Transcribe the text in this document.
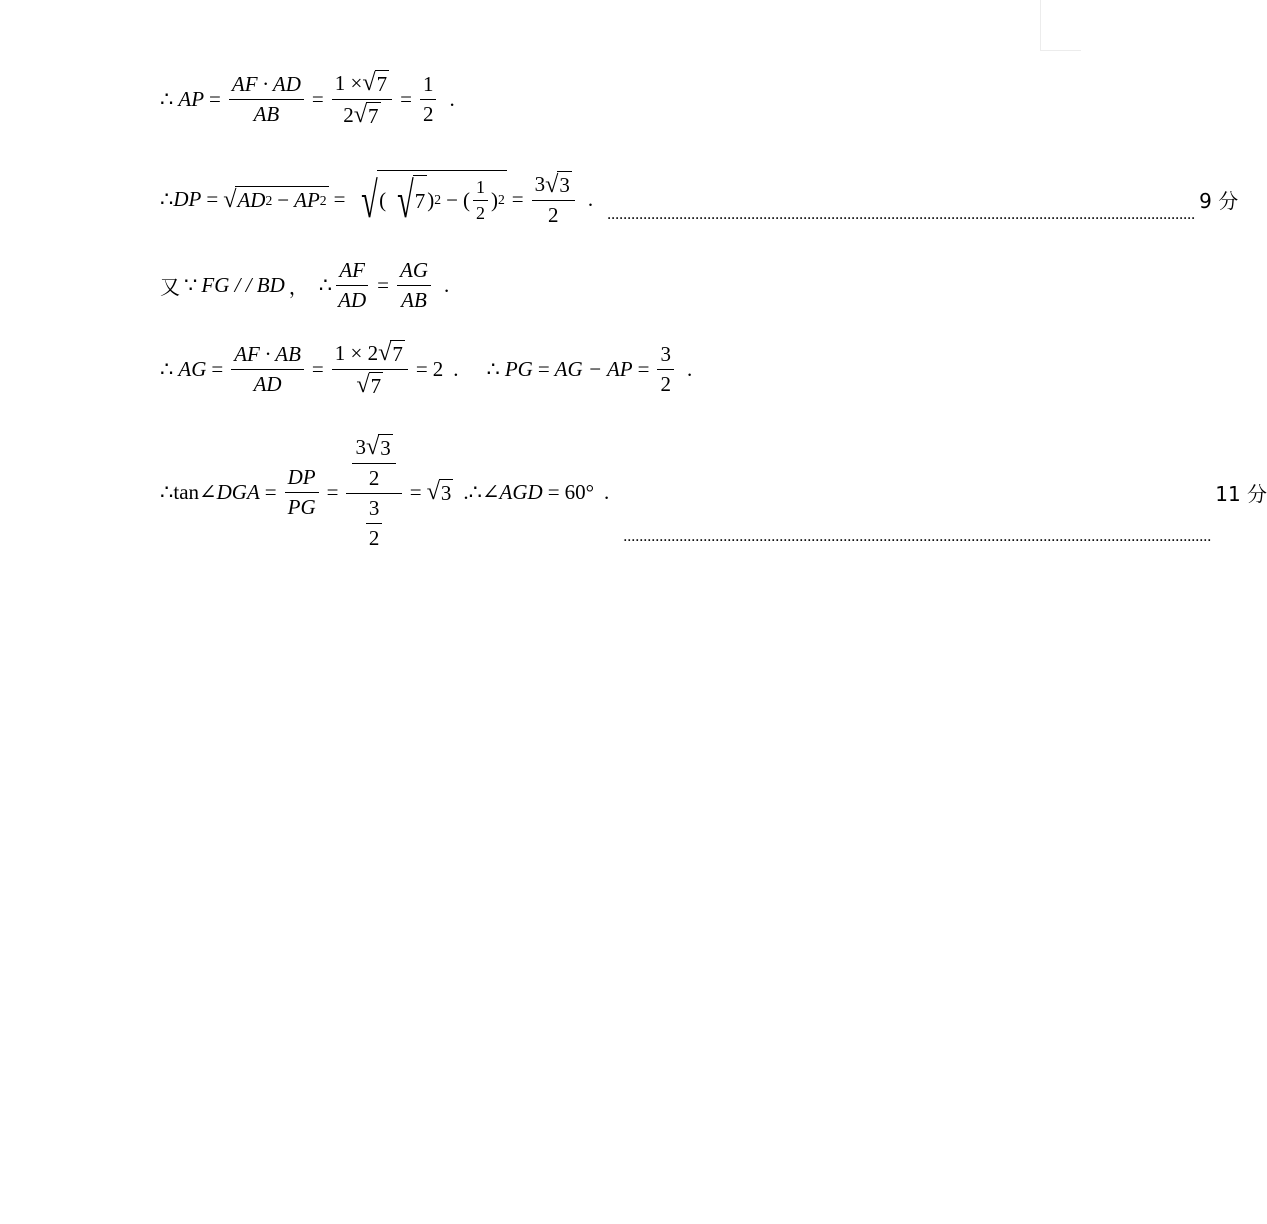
∴ AP = $\frac{AF \cdot AD}{AB} = \frac{1 \times √ 7}{2 √ 7} = \frac{1}{2}$ .
∴ DP = √ AD 2 − AP 2 = √ ( √ 7 ) 2 − ( $\frac{1}{2}$ ) $2 = \frac{3 √ 3}{2}$ .
...................................................................................................................................................
9 分
又 ∵ FG / / BD ， ∴ $\frac{AF}{AD} = \frac{AG}{AB}$ .
∴ AG = $\frac{AF \cdot AB}{AD} = \frac{1 \times 2 √ 7}{√ 7} = 2$ . ∴ PG = AG − AP = $\frac{3}{2}$ .
∴ tan ∠DGA = $\frac{DP}{PG} = \frac{\frac{3 √ 3}{2}}{\frac{3}{2}}$ = √ 3 . ∴ ∠AGD = 60° .
...................................................................................................................................................
11 分
